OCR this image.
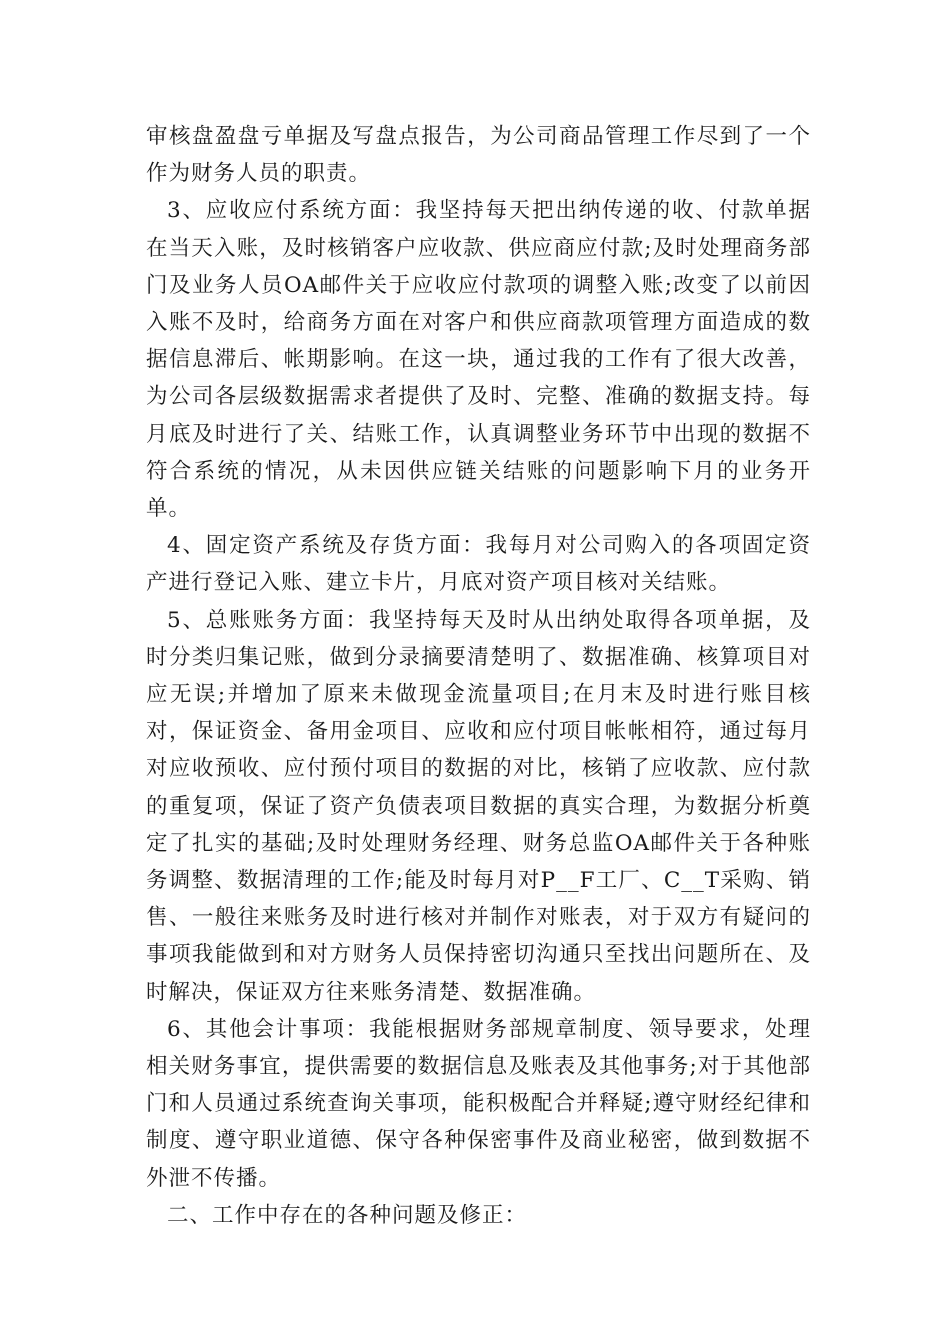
审核盘盈盘亏单据及写盘点报告，为公司商品管理工作尽到了一个作为财务人员的职责。

3、应收应付系统方面：我坚持每天把出纳传递的收、付款单据在当天入账，及时核销客户应收款、供应商应付款;及时处理商务部门及业务人员OA邮件关于应收应付款项的调整入账;改变了以前因入账不及时，给商务方面在对客户和供应商款项管理方面造成的数据信息滞后、帐期影响。在这一块，通过我的工作有了很大改善，为公司各层级数据需求者提供了及时、完整、准确的数据支持。每月底及时进行了关、结账工作，认真调整业务环节中出现的数据不符合系统的情况，从未因供应链关结账的问题影响下月的业务开单。

4、固定资产系统及存货方面：我每月对公司购入的各项固定资产进行登记入账、建立卡片，月底对资产项目核对关结账。

5、总账账务方面：我坚持每天及时从出纳处取得各项单据，及时分类归集记账，做到分录摘要清楚明了、数据准确、核算项目对应无误;并增加了原来未做现金流量项目;在月末及时进行账目核对，保证资金、备用金项目、应收和应付项目帐帐相符，通过每月对应收预收、应付预付项目的数据的对比，核销了应收款、应付款的重复项，保证了资产负债表项目数据的真实合理，为数据分析奠定了扎实的基础;及时处理财务经理、财务总监OA邮件关于各种账务调整、数据清理的工作;能及时每月对P__F工厂、C__T采购、销售、一般往来账务及时进行核对并制作对账表，对于双方有疑问的事项我能做到和对方财务人员保持密切沟通只至找出问题所在、及时解决，保证双方往来账务清楚、数据准确。

6、其他会计事项：我能根据财务部规章制度、领导要求，处理相关财务事宜，提供需要的数据信息及账表及其他事务;对于其他部门和人员通过系统查询关事项，能积极配合并释疑;遵守财经纪律和制度、遵守职业道德、保守各种保密事件及商业秘密，做到数据不外泄不传播。

二、工作中存在的各种问题及修正：
